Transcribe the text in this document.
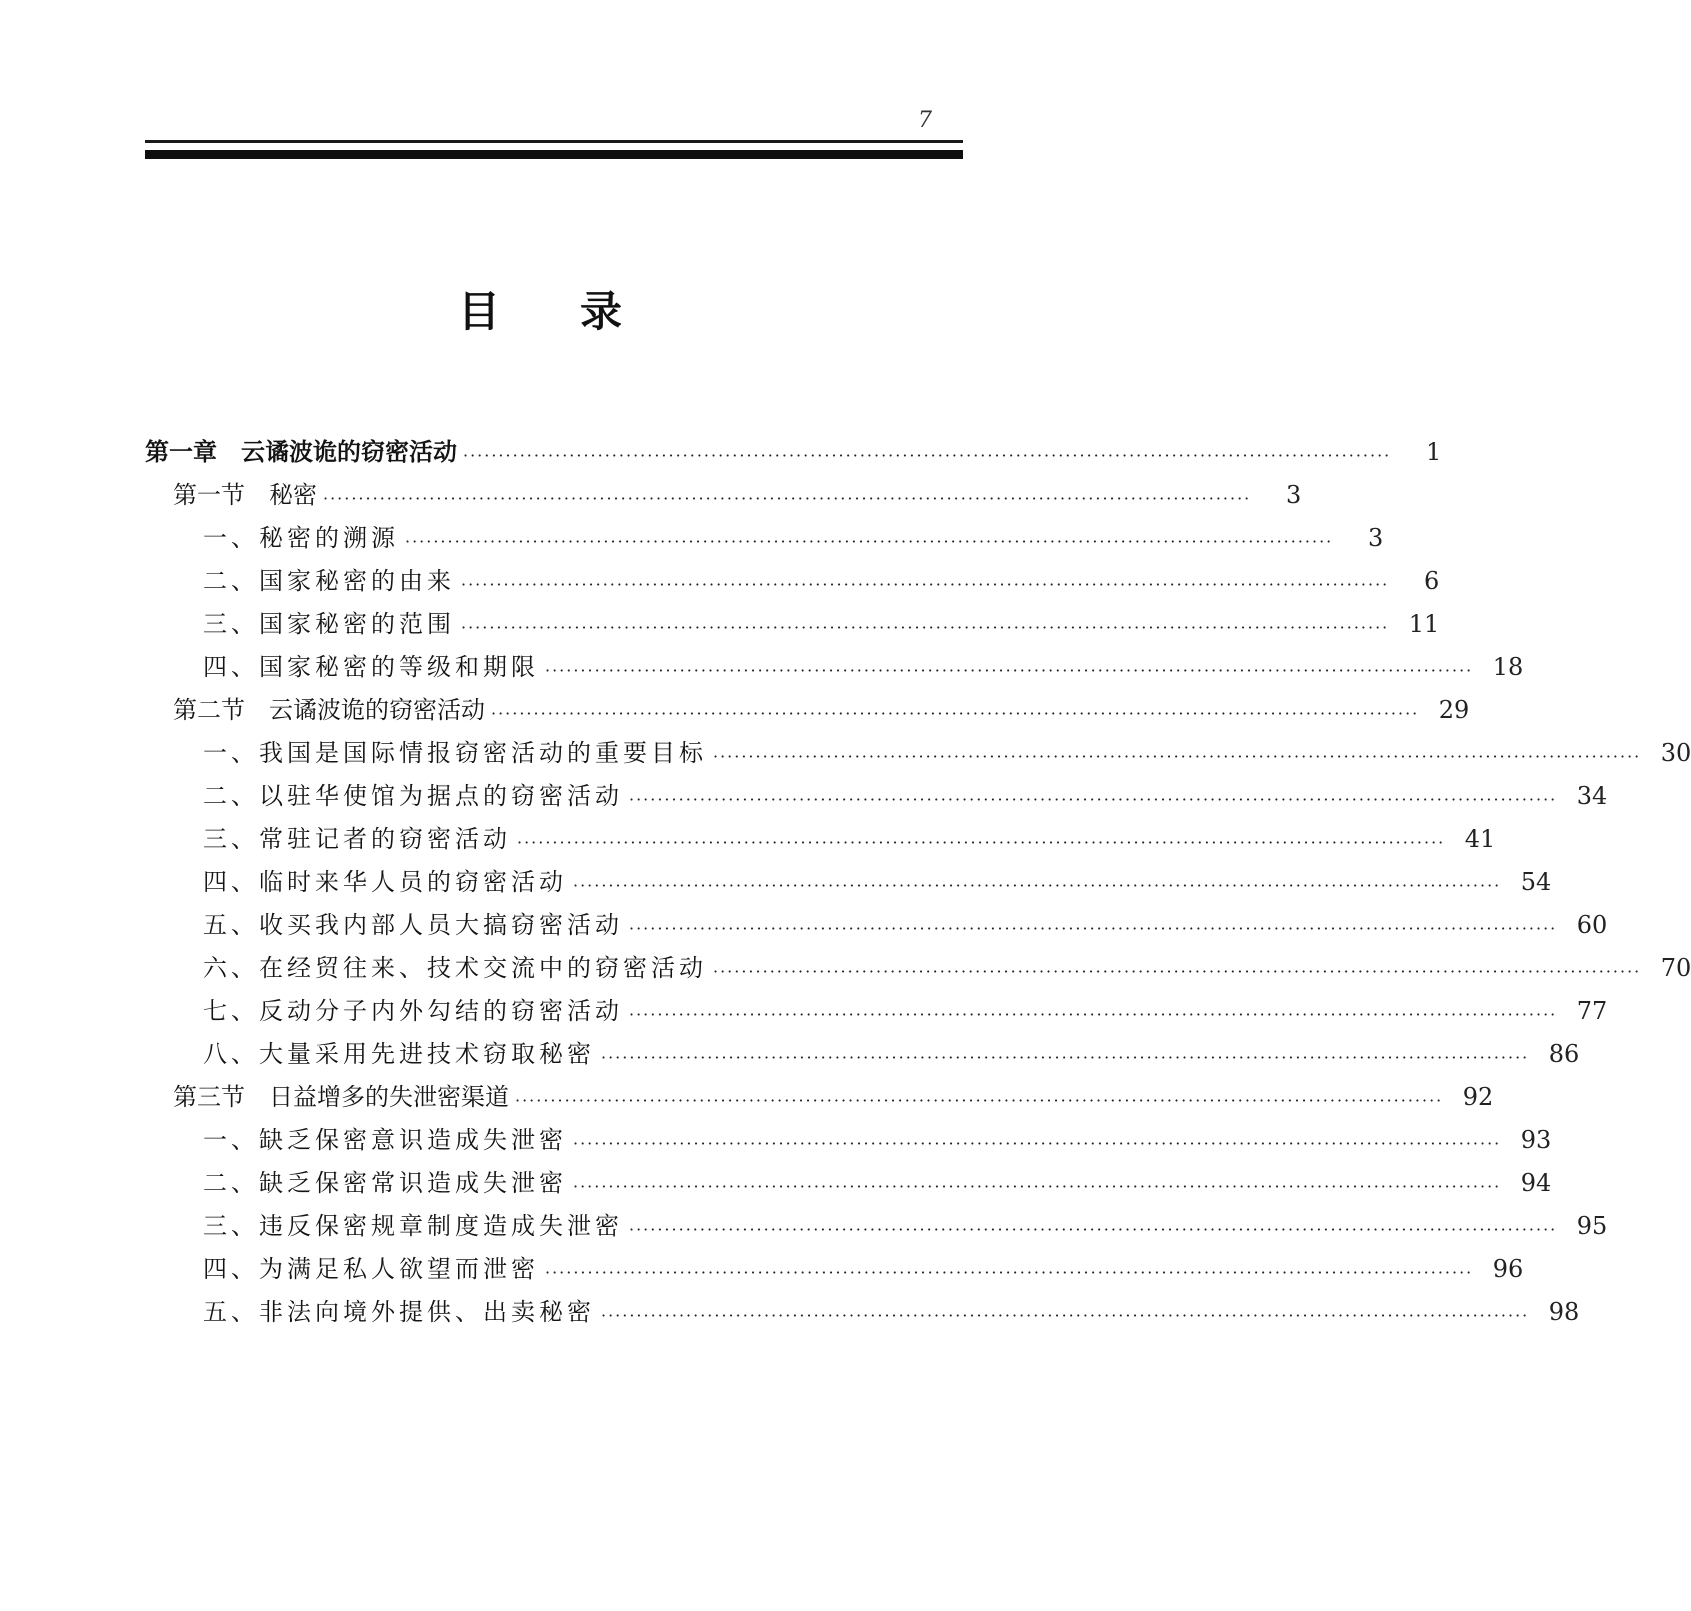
7
目录
第一章　云谲波诡的窃密活动 ···································································································································	1
第一节　秘密 ···································································································································	3
一、秘密的溯源 ···································································································································	3
二、国家秘密的由来 ···································································································································	6
三、国家秘密的范围 ··································································································································· 11
四、国家秘密的等级和期限 ··································································································································· 18
第二节　云谲波诡的窃密活动 ··································································································································· 29
一、我国是国际情报窃密活动的重要目标 ··································································································································· 30
二、以驻华使馆为据点的窃密活动 ··································································································································· 34
三、常驻记者的窃密活动 ··································································································································· 41
四、临时来华人员的窃密活动 ··································································································································· 54
五、收买我内部人员大搞窃密活动 ··································································································································· 60
六、在经贸往来、技术交流中的窃密活动 ··································································································································· 70
七、反动分子内外勾结的窃密活动 ··································································································································· 77
八、大量采用先进技术窃取秘密 ··································································································································· 86
第三节　日益增多的失泄密渠道 ··································································································································· 92
一、缺乏保密意识造成失泄密 ··································································································································· 93
二、缺乏保密常识造成失泄密 ··································································································································· 94
三、违反保密规章制度造成失泄密 ··································································································································· 95
四、为满足私人欲望而泄密 ··································································································································· 96
五、非法向境外提供、出卖秘密 ··································································································································· 98
